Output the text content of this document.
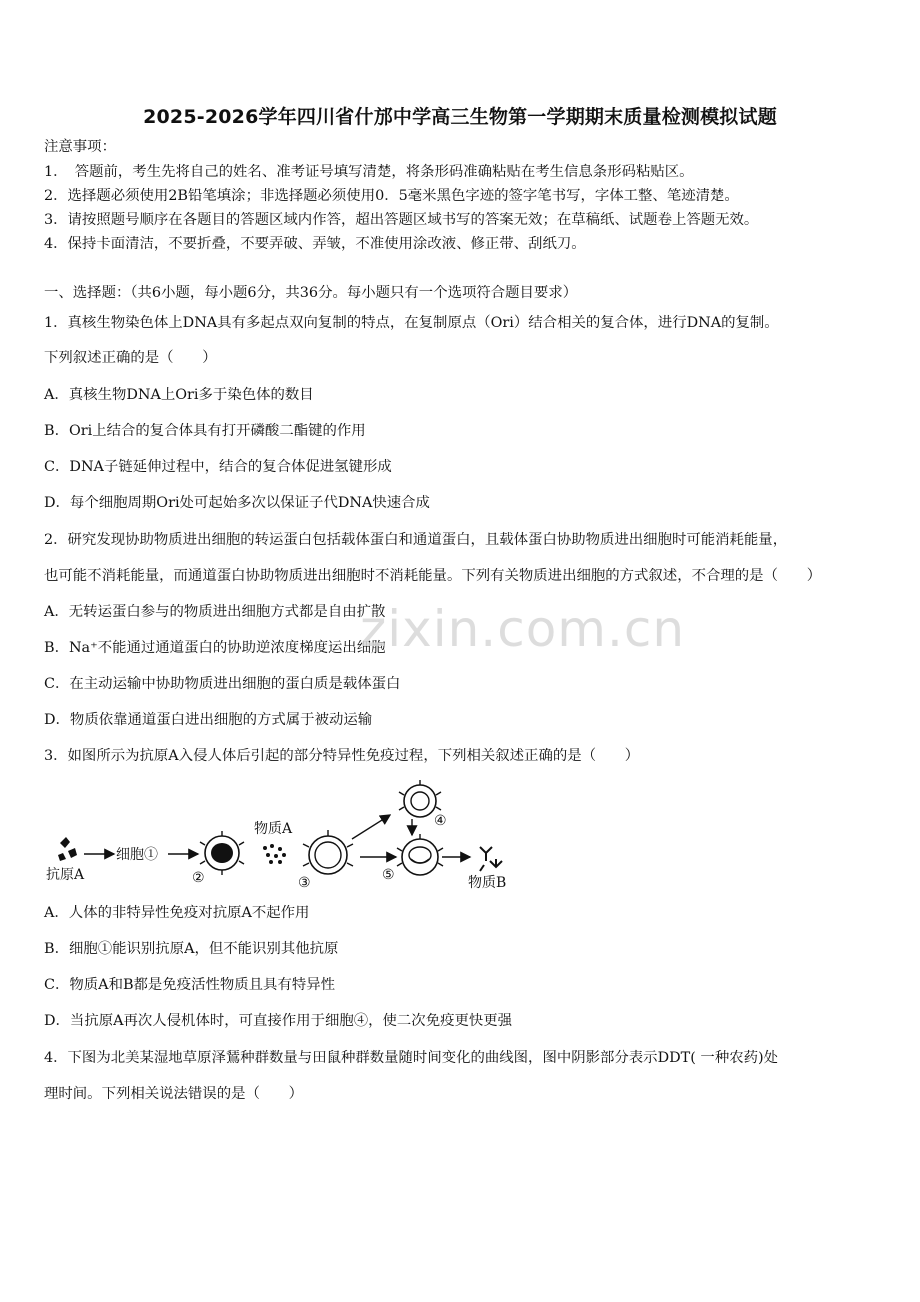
2025-2026学年四川省什邡中学高三生物第一学期期末质量检测模拟试题
注意事项：
1．　答题前，考生先将自己的姓名、准考证号填写清楚，将条形码准确粘贴在考生信息条形码粘贴区。
2．选择题必须使用2B铅笔填涂；非选择题必须使用0．5毫米黑色字迹的签字笔书写，字体工整、笔迹清楚。
3．请按照题号顺序在各题目的答题区域内作答，超出答题区域书写的答案无效；在草稿纸、试题卷上答题无效。
4．保持卡面清洁，不要折叠，不要弄破、弄皱，不准使用涂改液、修正带、刮纸刀。
一、选择题：（共6小题，每小题6分，共36分。每小题只有一个选项符合题目要求）
1．真核生物染色体上DNA具有多起点双向复制的特点，在复制原点（Ori）结合相关的复合体，进行DNA的复制。
下列叙述正确的是（　　）
A．真核生物DNA上Ori多于染色体的数目
B．Ori上结合的复合体具有打开磷酸二酯键的作用
C．DNA子链延伸过程中，结合的复合体促进氢键形成
D．每个细胞周期Ori处可起始多次以保证子代DNA快速合成
2．研究发现协助物质进出细胞的转运蛋白包括载体蛋白和通道蛋白，且载体蛋白协助物质进出细胞时可能消耗能量，
也可能不消耗能量，而通道蛋白协助物质进出细胞时不消耗能量。下列有关物质进出细胞的方式叙述，不合理的是（　　）
A．无转运蛋白参与的物质进出细胞方式都是自由扩散
B．Na⁺不能通过通道蛋白的协助逆浓度梯度运出细胞
C．在主动运输中协助物质进出细胞的蛋白质是载体蛋白
D．物质依靠通道蛋白进出细胞的方式属于被动运输
3．如图所示为抗原A入侵人体后引起的部分特异性免疫过程，下列相关叙述正确的是（　　）
抗原A
细胞①
②
物质A
③
④
⑤	物质B
A．人体的非特异性免疫对抗原A不起作用
B．细胞①能识别抗原A，但不能识别其他抗原
C．物质A和B都是免疫活性物质且具有特异性
D．当抗原A再次人侵机体时，可直接作用于细胞④，使二次免疫更快更强
4．下图为北美某湿地草原泽鵟种群数量与田鼠种群数量随时间变化的曲线图，图中阴影部分表示DDT( 一种农药)处
理时间。下列相关说法错误的是（　　）
zixin.com.cn
